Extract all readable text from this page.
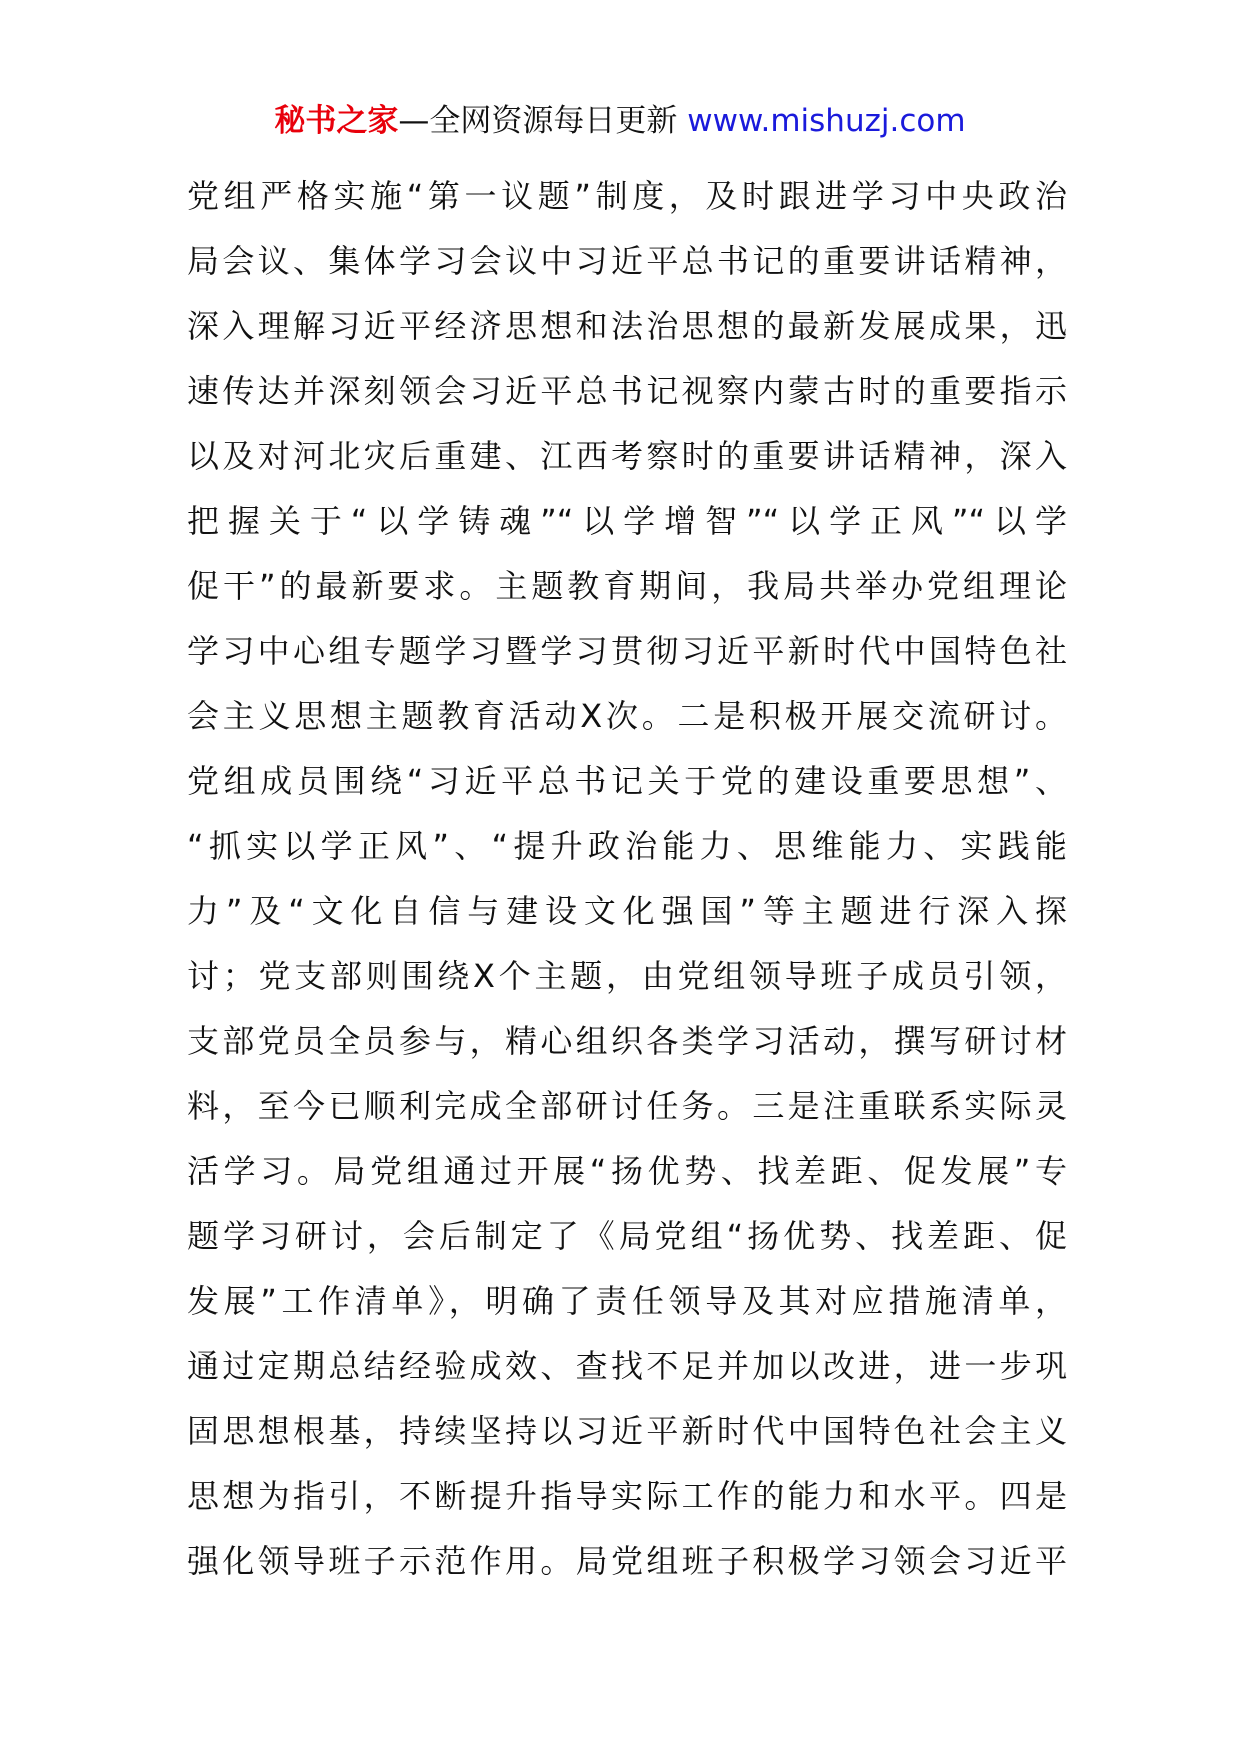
秘书之家—全网资源每日更新 www.mishuzj.com
党组严格实施“第一议题”制度，及时跟进学习中央政治
局会议、集体学习会议中习近平总书记的重要讲话精神，
深入理解习近平经济思想和法治思想的最新发展成果，迅
速传达并深刻领会习近平总书记视察内蒙古时的重要指示
以及对河北灾后重建、江西考察时的重要讲话精神，深入
把握关于“以学铸魂”“以学增智”“以学正风”“以学
促干”的最新要求。主题教育期间，我局共举办党组理论
学习中心组专题学习暨学习贯彻习近平新时代中国特色社
会主义思想主题教育活动X次。二是积极开展交流研讨。
党组成员围绕“习近平总书记关于党的建设重要思想”、
“抓实以学正风”、“提升政治能力、思维能力、实践能
力”及“文化自信与建设文化强国”等主题进行深入探
讨；党支部则围绕X个主题，由党组领导班子成员引领，
支部党员全员参与，精心组织各类学习活动，撰写研讨材
料，至今已顺利完成全部研讨任务。三是注重联系实际灵
活学习。局党组通过开展“扬优势、找差距、促发展”专
题学习研讨，会后制定了《局党组“扬优势、找差距、促
发展”工作清单》，明确了责任领导及其对应措施清单，
通过定期总结经验成效、查找不足并加以改进，进一步巩
固思想根基，持续坚持以习近平新时代中国特色社会主义
思想为指引，不断提升指导实际工作的能力和水平。四是
强化领导班子示范作用。局党组班子积极学习领会习近平
